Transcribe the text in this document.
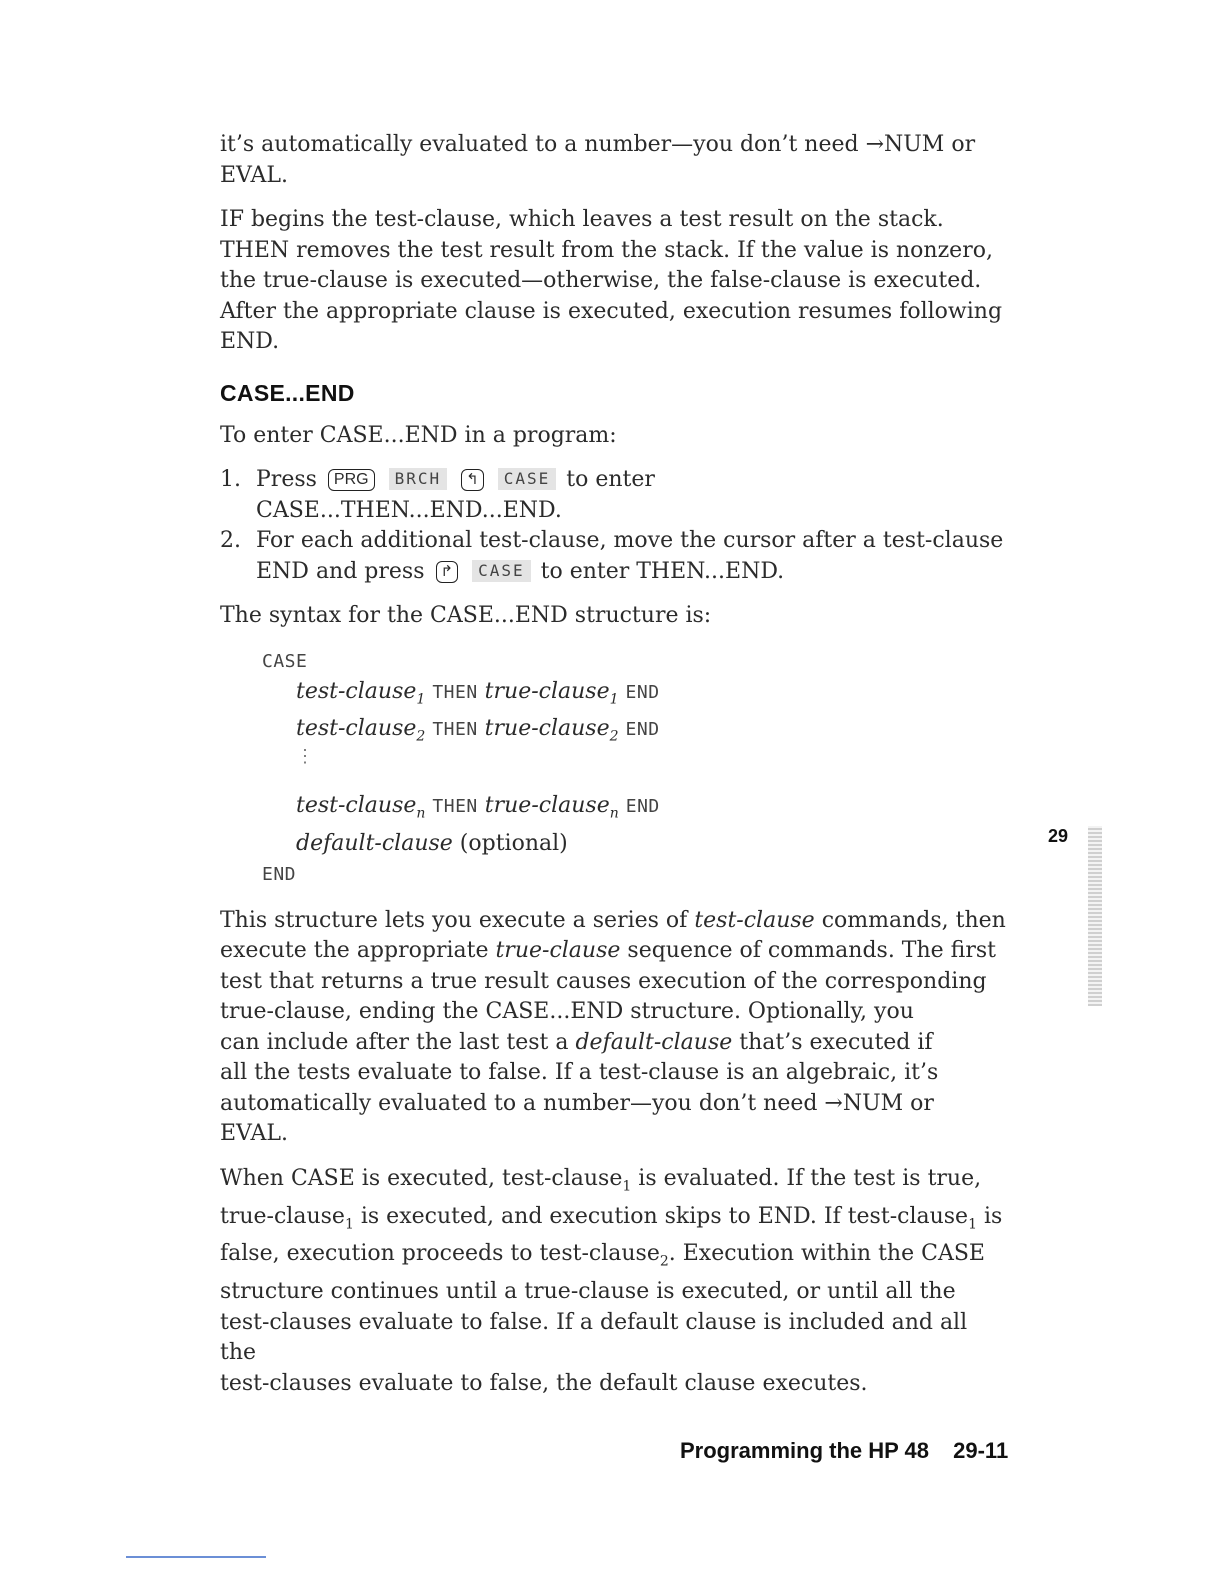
it’s automatically evaluated to a number—you don’t need →NUM or
EVAL.

IF begins the test-clause, which leaves a test result on the stack.
THEN removes the test result from the stack. If the value is nonzero,
the true-clause is executed—otherwise, the false-clause is executed.
After the appropriate clause is executed, execution resumes following
END.

CASE...END

To enter CASE...END in a program:

1. Press PRG BRCH ↰ CASE to enter
CASE...THEN...END...END.
2. For each additional test-clause, move the cursor after a test-clause
END and press ↱ CASE to enter THEN...END.

The syntax for the CASE...END structure is:

CASE
test-clause$_1$ THEN true-clause$_1$ END
test-clause$_2$ THEN true-clause$_2$ END
⋮
test-clause$_n$ THEN true-clause$_n$ END
default-clause (optional)
END

This structure lets you execute a series of test-clause commands, then
execute the appropriate true-clause sequence of commands. The first
test that returns a true result causes execution of the corresponding
true-clause, ending the CASE...END structure. Optionally, you
can include after the last test a default-clause that’s executed if
all the tests evaluate to false. If a test-clause is an algebraic, it’s
automatically evaluated to a number—you don’t need →NUM or
EVAL.

When CASE is executed, test-clause$_1$ is evaluated. If the test is true,
true-clause$_1$ is executed, and execution skips to END. If test-clause$_1$ is
false, execution proceeds to test-clause$_2$. Execution within the CASE
structure continues until a true-clause is executed, or until all the
test-clauses evaluate to false. If a default clause is included and all the
test-clauses evaluate to false, the default clause executes.

29
Programming the HP 48 29-11
